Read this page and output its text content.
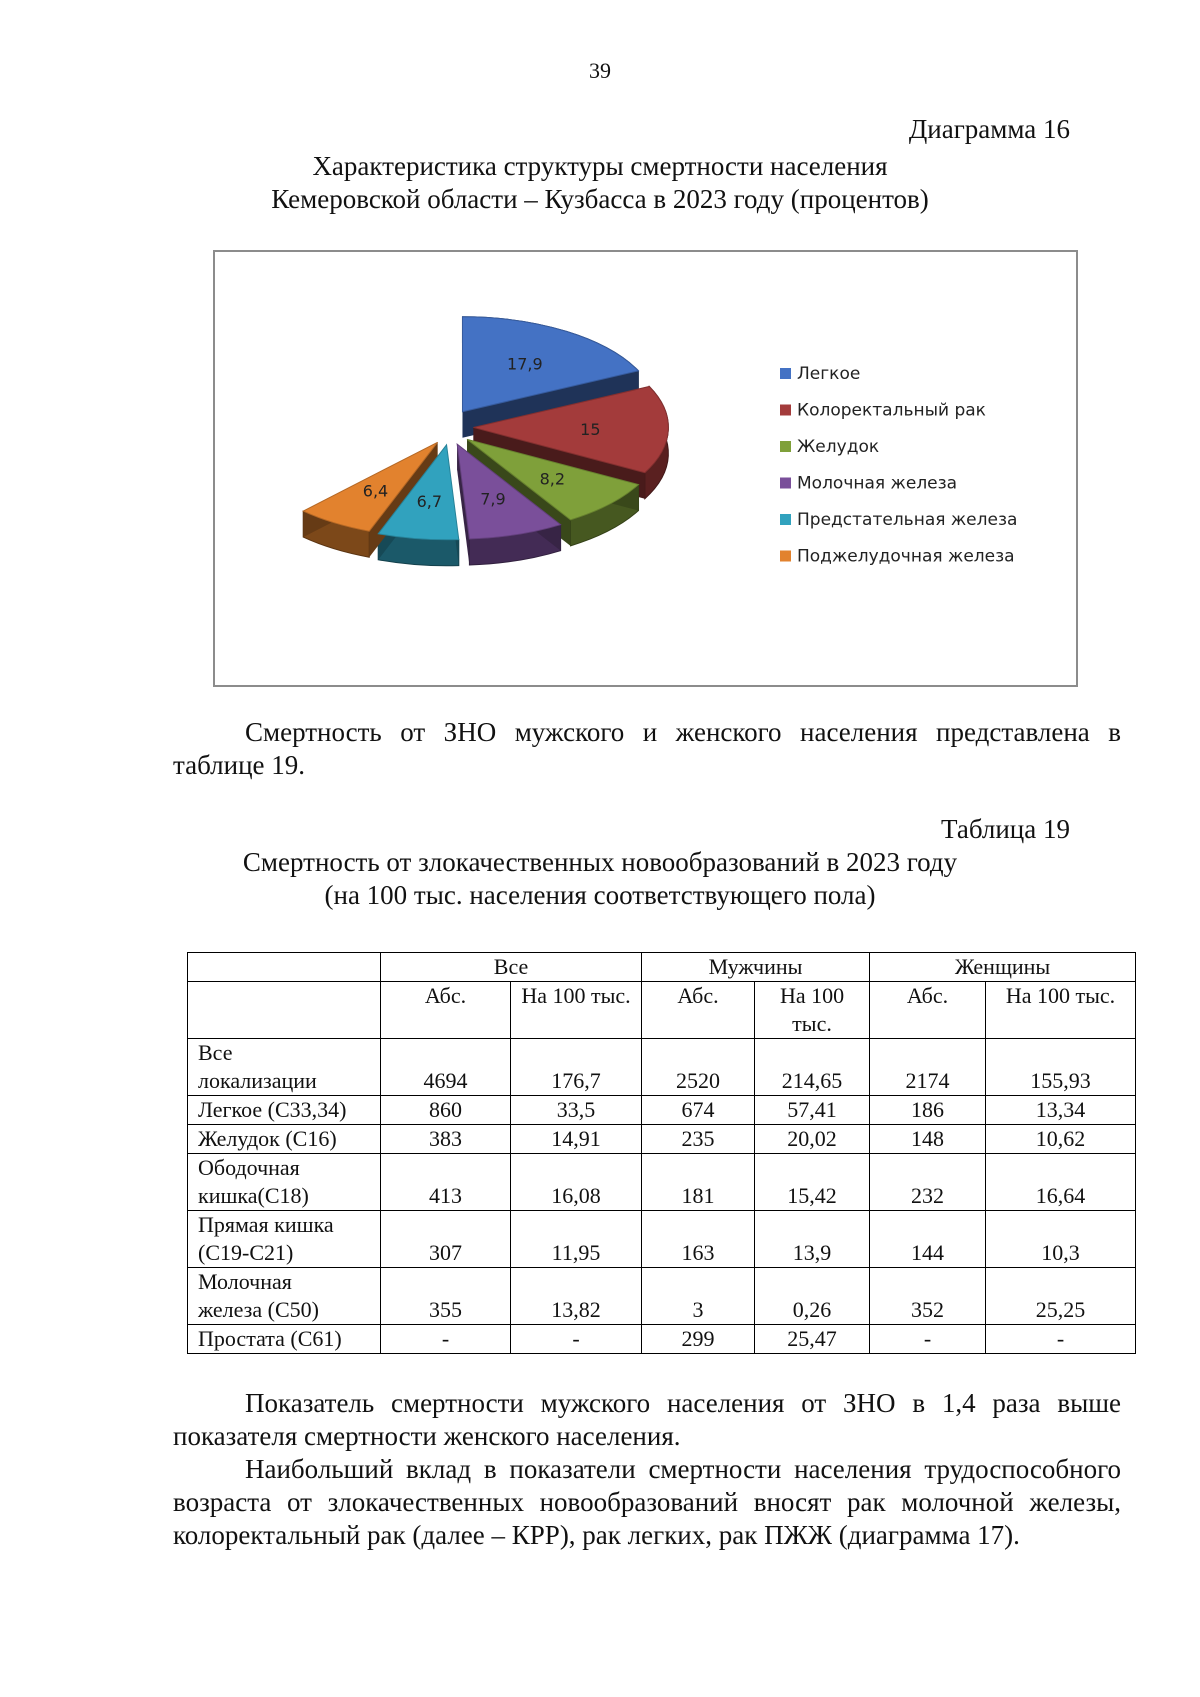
39
Диаграмма 16
Характеристика структуры смертности населения
Кемеровской области – Кузбасса в 2023 году (процентов)
17,9
15
8,2
7,9
6,7
6,4
Легкое
Колоректальный рак
Желудок
Молочная железа
Предстательная железа
Поджелудочная железа
Смертность от ЗНО мужского и женского населения представлена в таблице 19.
Таблица 19
Смертность от злокачественных новообразований в 2023 году
(на 100 тыс. населения соответствующего пола)
	Все		Мужчины		Женщины	
	Абс.	На 100 тыс.	Абс.	На 100 тыс.	Абс.	На 100 тыс.

Все
локализации	4694	176,7	2520	214,65	2174	155,93

Легкое (С33,34)	860	33,5	674	57,41	186	13,34

Желудок (С16)	383	14,91	235	20,02	148	10,62

Ободочная
кишка(С18)	413	16,08	181	15,42	232	16,64

Прямая кишка
(С19-С21)	307	11,95	163	13,9	144	10,3

Молочная
железа (С50)	355	13,82	3	0,26	352	25,25

Простата (С61)	-	-	299	25,47	-	-
Показатель смертности мужского населения от ЗНО в 1,4 раза выше показателя смертности женского населения.
Наибольший вклад в показатели смертности населения трудоспособного возраста от злокачественных новообразований вносят рак молочной железы, колоректальный рак (далее – КРР), рак легких, рак ПЖЖ (диаграмма 17).
